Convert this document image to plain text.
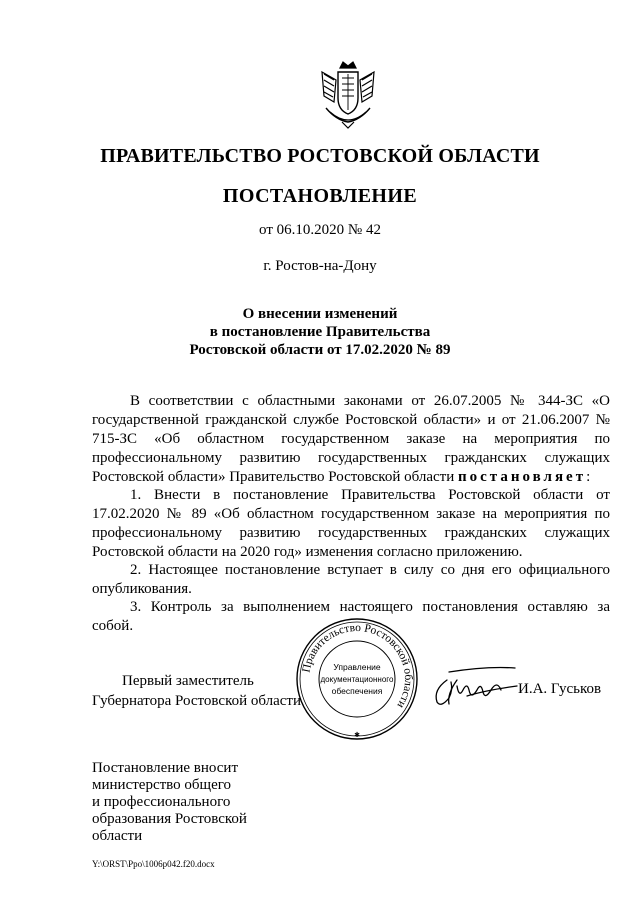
ПРАВИТЕЛЬСТВО РОСТОВСКОЙ ОБЛАСТИ
ПОСТАНОВЛЕНИЕ
от 06.10.2020 № 42
г. Ростов-на-Дону
О внесении изменений
в постановление Правительства
Ростовской области от 17.02.2020 № 89
В соответствии с областными законами от 26.07.2005 № 344-ЗС «О государственной гражданской службе Ростовской области» и от 21.06.2007 № 715-ЗС «Об областном государственном заказе на мероприятия по профессиональному развитию государственных гражданских служащих Ростовской области» Правительство Ростовской области постановляет:
1. Внести в постановление Правительства Ростовской области от 17.02.2020 № 89 «Об областном государственном заказе на мероприятия по профессиональному развитию государственных гражданских служащих Ростовской области на 2020 год» изменения согласно приложению.
2. Настоящее постановление вступает в силу со дня его официального опубликования.
3. Контроль за выполнением настоящего постановления оставляю за собой.
Первый заместитель
Губернатора Ростовской области
Правительство Ростовской области
Управление
документационного
обеспечения
✱
И.А. Гуськов
Постановление вносит
министерство общего
и профессионального
образования Ростовской
области
Y:\ORST\Ppo\1006p042.f20.docx
